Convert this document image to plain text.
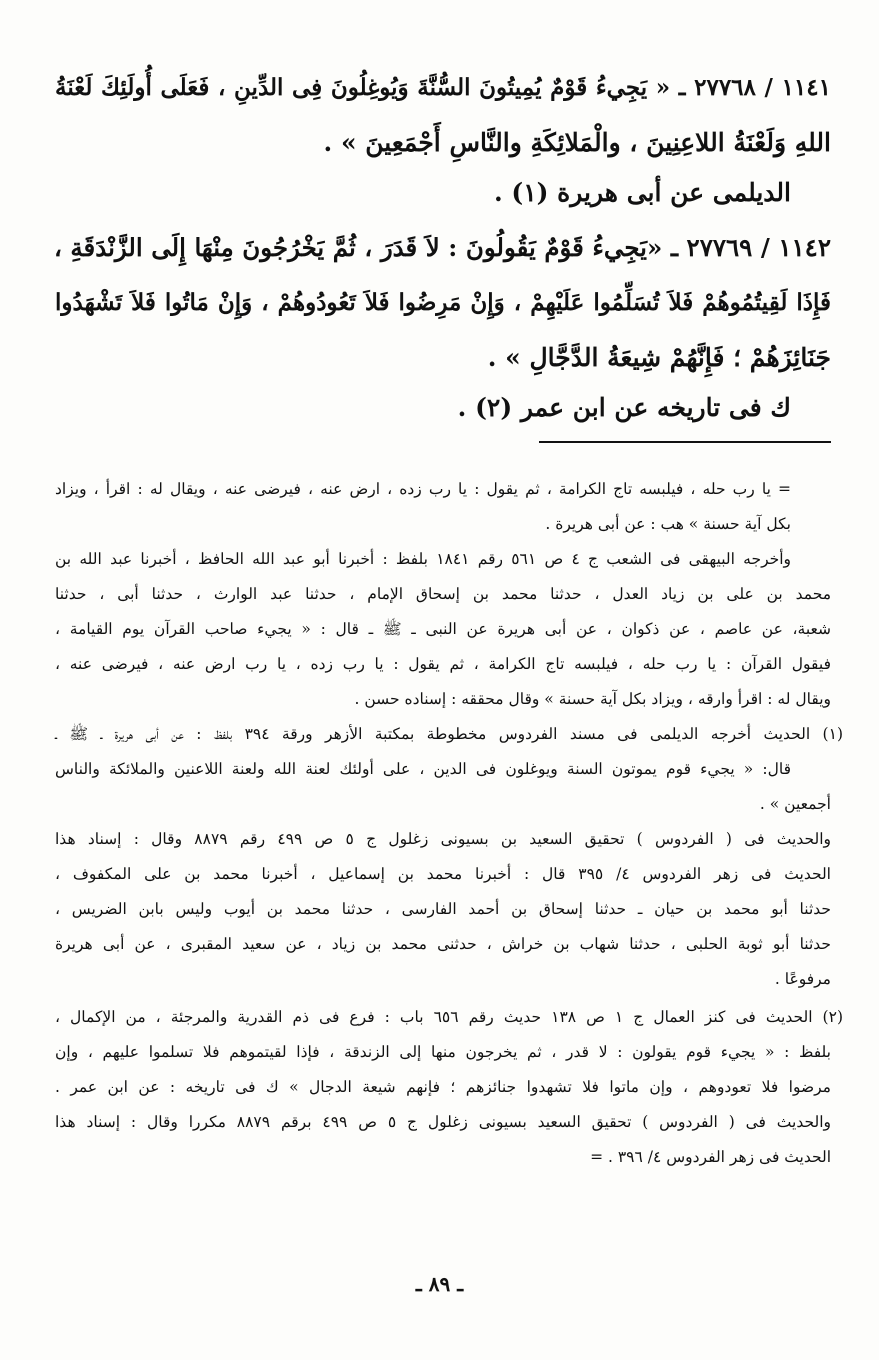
١١٤١ / ٢٧٧٦٨ ـ « يَجِيءُ قَوْمٌ يُمِيتُونَ السُّنَّةَ وَيُوغِلُونَ فِى الدِّينِ ، فَعَلَى أُولَئِكَ لَعْنَةُ
اللهِ وَلَعْنَةُ اللاعِنِينَ ، والْمَلائِكَةِ والنَّاسِ أَجْمَعِينَ » .
الديلمى عن أبى هريرة (١) .
١١٤٢ / ٢٧٧٦٩ ـ «يَجِيءُ قَوْمٌ يَقُولُونَ : لاَ قَدَرَ ، ثُمَّ يَخْرُجُونَ مِنْهَا إِلَى الزَّنْدَقَةِ ،
فَإِذَا لَقِيتُمُوهُمْ فَلاَ تُسَلِّمُوا عَلَيْهِمْ ، وَإِنْ مَرِضُوا فَلاَ تَعُودُوهُمْ ، وَإِنْ مَاتُوا فَلاَ تَشْهَدُوا
جَنَائِزَهُمْ ؛ فَإِنَّهُمْ شِيعَةُ الدَّجَّالِ » .
ك فى تاريخه عن ابن عمر (٢) .
= يا رب حله ، فيلبسه تاج الكرامة ، ثم يقول : يا رب زده ، ارض عنه ، فيرضى عنه ، ويقال له : اقرأ ، ويزاد
بكل آية حسنة » هب : عن أبى هريرة .
وأخرجه البيهقى فى الشعب ج ٤ ص ٥٦١ رقم ١٨٤١ بلفظ : أخبرنا أبو عبد الله الحافظ ، أخبرنا عبد الله بن
محمد بن على بن زياد العدل ، حدثنا محمد بن إسحاق الإمام ، حدثنا عبد الوارث ، حدثنا أبى ، حدثنا
شعبة، عن عاصم ، عن ذكوان ، عن أبى هريرة عن النبى ـ ﷺ ـ قال : « يجيء صاحب القرآن يوم القيامة ،
فيقول القرآن : يا رب حله ، فيلبسه تاج الكرامة ، ثم يقول : يا رب زده ، يا رب ارض عنه ، فيرضى عنه ،
ويقال له : اقرأ وارقه ، ويزاد بكل آية حسنة » وقال محققه : إسناده حسن .
(١) الحديث أخرجه الديلمى فى مسند الفردوس مخطوطة بمكتبة الأزهر ورقة ٣٩٤ بلفظ : عن أبى هريرة ـ ﷺ ـ
قال: « يجيء قوم يموتون السنة ويوغلون فى الدين ، على أولئك لعنة الله ولعنة اللاعنين والملائكة والناس
أجمعين » .
والحديث فى ( الفردوس ) تحقيق السعيد بن بسيونى زغلول ج ٥ ص ٤٩٩ رقم ٨٨٧٩ وقال : إسناد هذا
الحديث فى زهر الفردوس ٤/ ٣٩٥ قال : أخبرنا محمد بن إسماعيل ، أخبرنا محمد بن على المكفوف ،
حدثنا أبو محمد بن حيان ـ حدثنا إسحاق بن أحمد الفارسى ، حدثنا محمد بن أيوب وليس بابن الضريس ،
حدثنا أبو ثوبة الحلبى ، حدثنا شهاب بن خراش ، حدثنى محمد بن زياد ، عن سعيد المقبرى ، عن أبى هريرة
مرفوعًا .
(٢) الحديث فى كنز العمال ج ١ ص ١٣٨ حديث رقم ٦٥٦ باب : فرع فى ذم القدرية والمرجئة ، من الإكمال ،
بلفظ : « يجيء قوم يقولون : لا قدر ، ثم يخرجون منها إلى الزندقة ، فإذا لقيتموهم فلا تسلموا عليهم ، وإن
مرضوا فلا تعودوهم ، وإن ماتوا فلا تشهدوا جنائزهم ؛ فإنهم شيعة الدجال » ك فى تاريخه : عن ابن عمر .
والحديث فى ( الفردوس ) تحقيق السعيد بسيونى زغلول ج ٥ ص ٤٩٩ برقم ٨٨٧٩ مكررا وقال : إسناد هذا
الحديث فى زهر الفردوس ٤/ ٣٩٦ . =
ـ ٨٩ ـ
